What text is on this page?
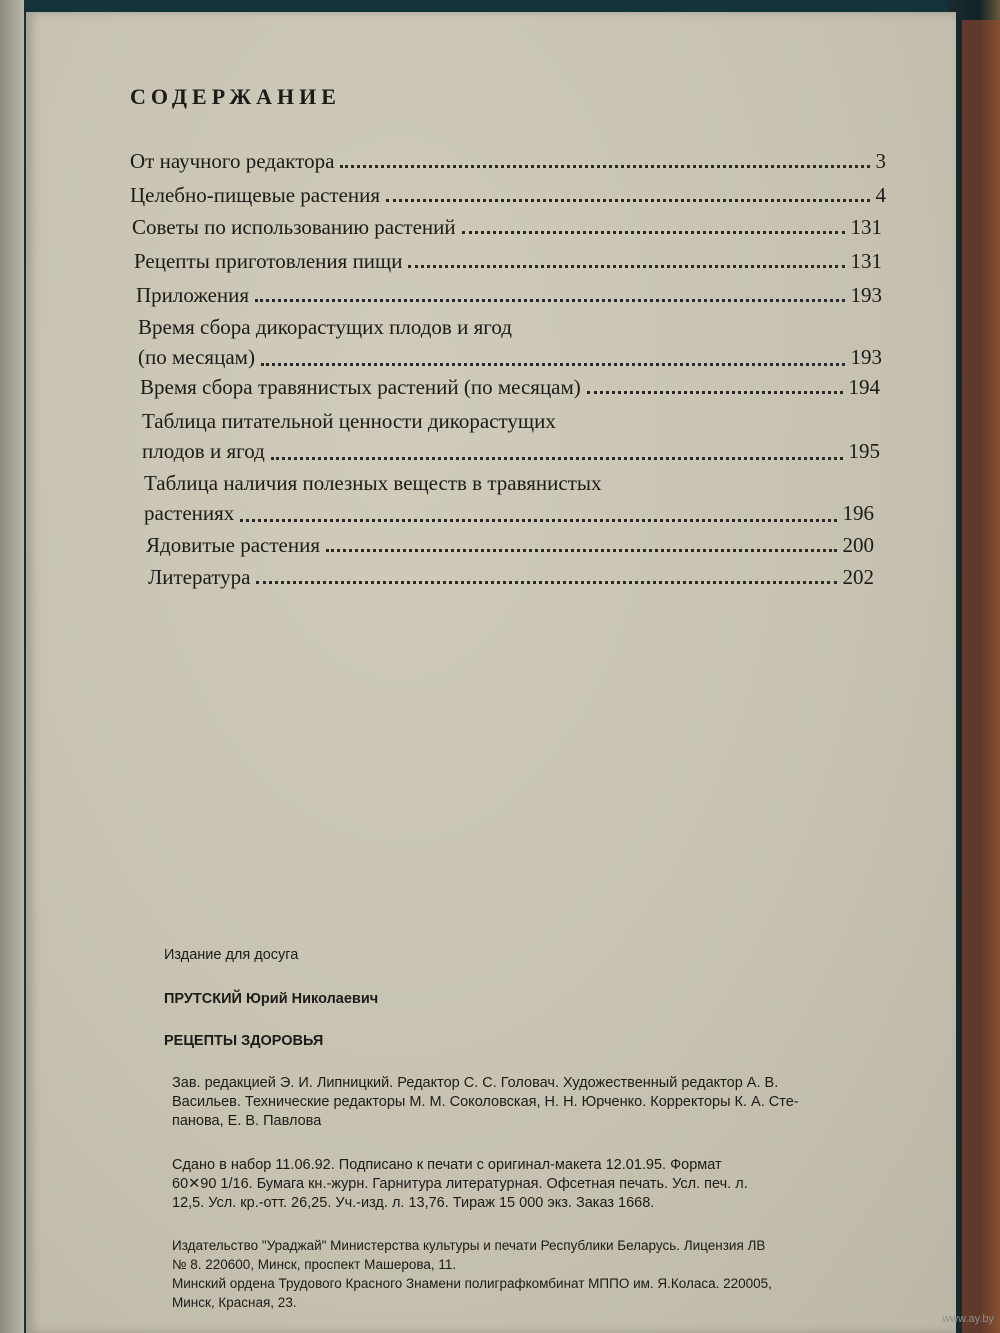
СОДЕРЖАНИЕ
От научного редактора	3
Целебно-пищевые растения	4
Советы по использованию растений	131
Рецепты приготовления пищи	131
Приложения	193
Время сбора дикорастущих плодов и ягод
(по месяцам)	193
Время сбора травянистых растений (по месяцам)	194
Таблица питательной ценности дикорастущих
плодов и ягод	195
Таблица наличия полезных веществ в травянистых
растениях	196
Ядовитые растения	200
Литература	202
Издание для досуга
ПРУТСКИЙ Юрий Николаевич
РЕЦЕПТЫ ЗДОРОВЬЯ
Зав. редакцией Э. И. Липницкий. Редактор С. С. Головач. Художественный редактор А. В.
Васильев. Технические редакторы М. М. Соколовская, Н. Н. Юрченко. Корректоры К. А. Сте-
панова, Е. В. Павлова
Сдано в набор 11.06.92. Подписано к печати с оригинал-макета 12.01.95. Формат
60✕90 1/16. Бумага кн.-журн. Гарнитура литературная. Офсетная печать. Усл. печ. л.
12,5. Усл. кр.-отт. 26,25. Уч.-изд. л. 13,76. Тираж 15 000 экз. Заказ 1668.
Издательство "Ураджай" Министерства культуры и печати Республики Беларусь. Лицензия ЛВ
№ 8. 220600, Минск, проспект Машерова, 11.
Минский ордена Трудового Красного Знамени полиграфкомбинат МППО им. Я.Коласа. 220005,
Минск, Красная, 23.
www.ay.by
